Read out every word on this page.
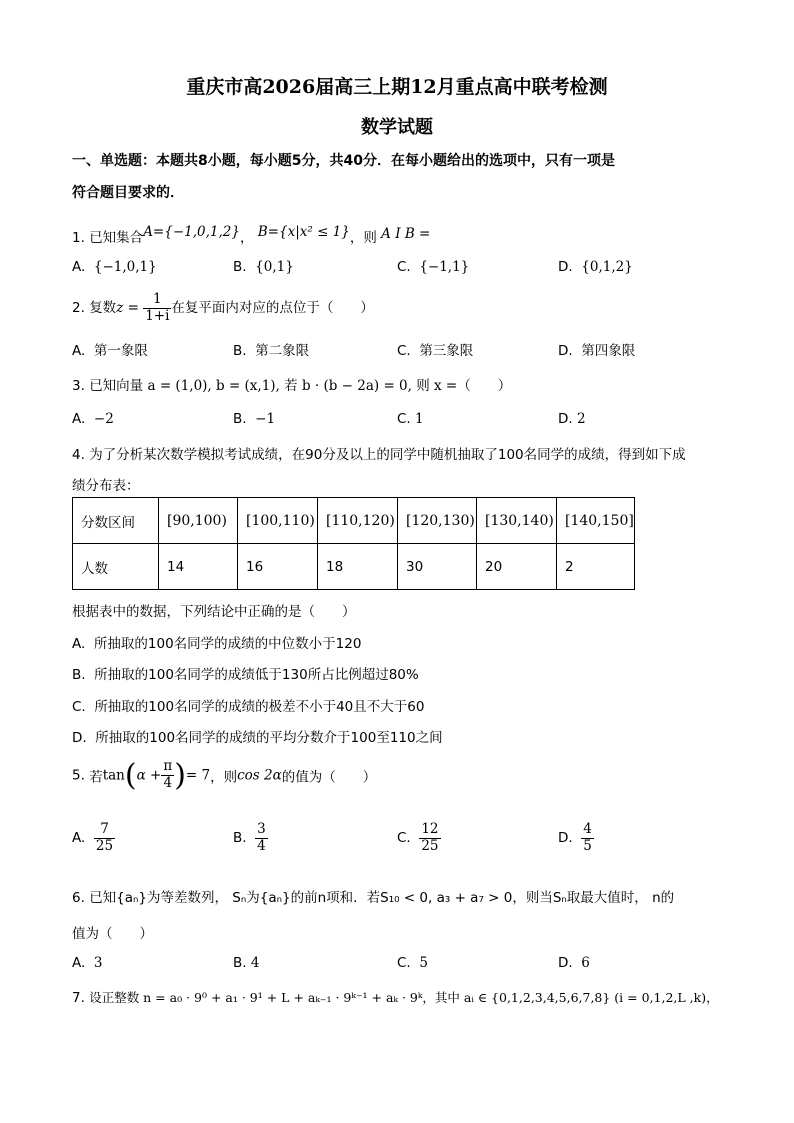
重庆市高2026届高三上期12月重点高中联考检测
数学试题
一、单选题：本题共8小题，每小题5分，共40分．在每小题给出的选项中，只有一项是
符合题目要求的．
1. 已知集合A={−1,0,1,2}， B={x|x² ≤ 1}，则 A I B =
A. {−1,0,1}	B. {0,1}	C. {−1,1}	D. {0,1,2}
2. 复数$z = \frac{1}{1+i}$ 在复平面内对应的点位于（　　）
A. 第一象限	B. 第二象限	C. 第三象限	D. 第四象限
3. 已知向量 a = (1,0), b = (x,1), 若 b · (b − 2a) = 0, 则 x =（　　）
A. −2	B. −1	C. 1	D. 2
4. 为了分析某次数学模拟考试成绩，在90分及以上的同学中随机抽取了100名同学的成绩，得到如下成
绩分布表：
分数区间	[90,100)	[100,110)	[110,120)	[120,130)	[130,140)	[140,150]
人数	14	16	18	30	20	2
根据表中的数据，下列结论中正确的是（　　）
A. 所抽取的100名同学的成绩的中位数小于120
B. 所抽取的100名同学的成绩低于130所占比例超过80%
C. 所抽取的100名同学的成绩的极差不小于40且不大于60
D. 所抽取的100名同学的成绩的平均分数介于100至110之间
5. 若$\tan(\alpha + \frac{\pi}{4}$ )= 7，则cos 2α的值为（　　）
A. $\frac{7}{25}$	B. $\frac{3}{4}$	C. $\frac{12}{25}$	D. $\frac{4}{5}$
6. 已知{aₙ}为等差数列， Sₙ为{aₙ}的前n项和．若S₁₀ < 0, a₃ + a₇ > 0，则当Sₙ取最大值时， n的
值为（　　）
A. 3	B. 4	C. 5	D. 6
7. 设正整数 n = a₀ · 9⁰ + a₁ · 9¹ + L + aₖ₋₁ · 9ᵏ⁻¹ + aₖ · 9ᵏ，其中 aᵢ ∈ {0,1,2,3,4,5,6,7,8} (i = 0,1,2,L ,k)，
